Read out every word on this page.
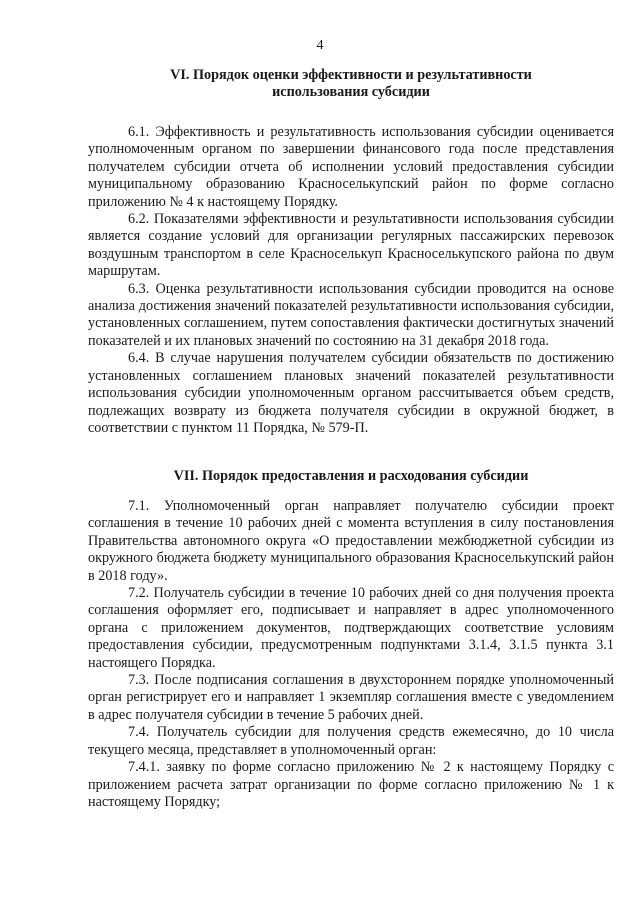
4
VI. Порядок оценки эффективности и результативности
использования субсидии

6.1. Эффективность и результативность использования субсидии оценивается уполномоченным органом по завершении финансового года после представления получателем субсидии отчета об исполнении условий предоставления субсидии муниципальному образованию Красноселькупский район по форме согласно приложению № 4 к настоящему Порядку.

6.2. Показателями эффективности и результативности использования субсидии является создание условий для организации регулярных пассажирских перевозок воздушным транспортом в селе Красноселькуп Красноселькупского района по двум маршрутам.

6.3. Оценка результативности использования субсидии проводится на основе анализа достижения значений показателей результативности использования субсидии, установленных соглашением, путем сопоставления фактически достигнутых значений показателей и их плановых значений по состоянию на 31 декабря 2018 года.

6.4. В случае нарушения получателем субсидии обязательств по достижению установленных соглашением плановых значений показателей результативности использования субсидии уполномоченным органом рассчитывается объем средств, подлежащих возврату из бюджета получателя субсидии в окружной бюджет, в соответствии с пунктом 11 Порядка, № 579-П.

VII. Порядок предоставления и расходования субсидии

7.1. Уполномоченный орган направляет получателю субсидии проект соглашения в течение 10 рабочих дней с момента вступления в силу постановления Правительства автономного округа «О предоставлении межбюджетной субсидии из окружного бюджета бюджету муниципального образования Красноселькупский район в 2018 году».

7.2. Получатель субсидии в течение 10 рабочих дней со дня получения проекта соглашения оформляет его, подписывает и направляет в адрес уполномоченного органа с приложением документов, подтверждающих соответствие условиям предоставления субсидии, предусмотренным подпунктами 3.1.4, 3.1.5 пункта 3.1 настоящего Порядка.

7.3. После подписания соглашения в двухстороннем порядке уполномоченный орган регистрирует его и направляет 1 экземпляр соглашения вместе с уведомлением в адрес получателя субсидии в течение 5 рабочих дней.

7.4. Получатель субсидии для получения средств ежемесячно, до 10 числа текущего месяца, представляет в уполномоченный орган:

7.4.1. заявку по форме согласно приложению № 2 к настоящему Порядку с приложением расчета затрат организации по форме согласно приложению № 1 к настоящему Порядку;
